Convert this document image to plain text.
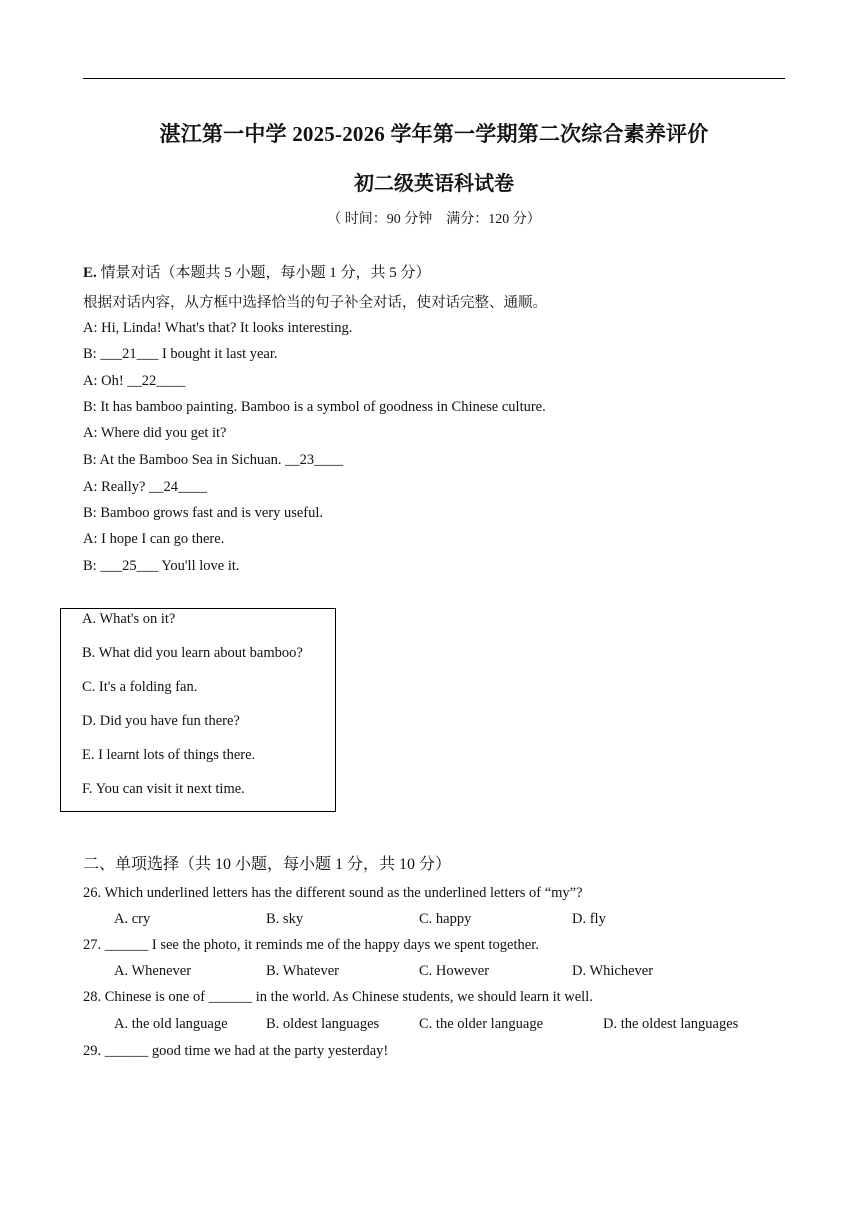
湛江第一中学 2025-2026 学年第一学期第二次综合素养评价
初二级英语科试卷
（ 时间：90 分钟　满分：120 分）
E. 情景对话（本题共 5 小题，每小题 1 分，共 5 分）
根据对话内容，从方框中选择恰当的句子补全对话，使对话完整、通顺。
A: Hi, Linda! What's that? It looks interesting.
B: ___21___ I bought it last year.
A: Oh! __22____
B: It has bamboo painting. Bamboo is a symbol of goodness in Chinese culture.
A: Where did you get it?
B: At the Bamboo Sea in Sichuan. __23____
A: Really? __24____
B: Bamboo grows fast and is very useful.
A: I hope I can go there.
B: ___25___ You'll love it.
A. What's on it?
B. What did you learn about bamboo?
C. It's a folding fan.
D. Did you have fun there?
E. I learnt lots of things there.
F. You can visit it next time.
二、单项选择（共 10 小题，每小题 1 分，共 10 分）
26. Which underlined letters has the different sound as the underlined letters of “my”?
A. cry	B. sky	C. happy	D. fly
27. ______ I see the photo, it reminds me of the happy days we spent together.
A. Whenever	B. Whatever	C. However	D. Whichever
28. Chinese is one of ______ in the world. As Chinese students, we should learn it well.
A. the old language	B. oldest languages	C. the older language	D. the oldest languages
29. ______ good time we had at the party yesterday!
